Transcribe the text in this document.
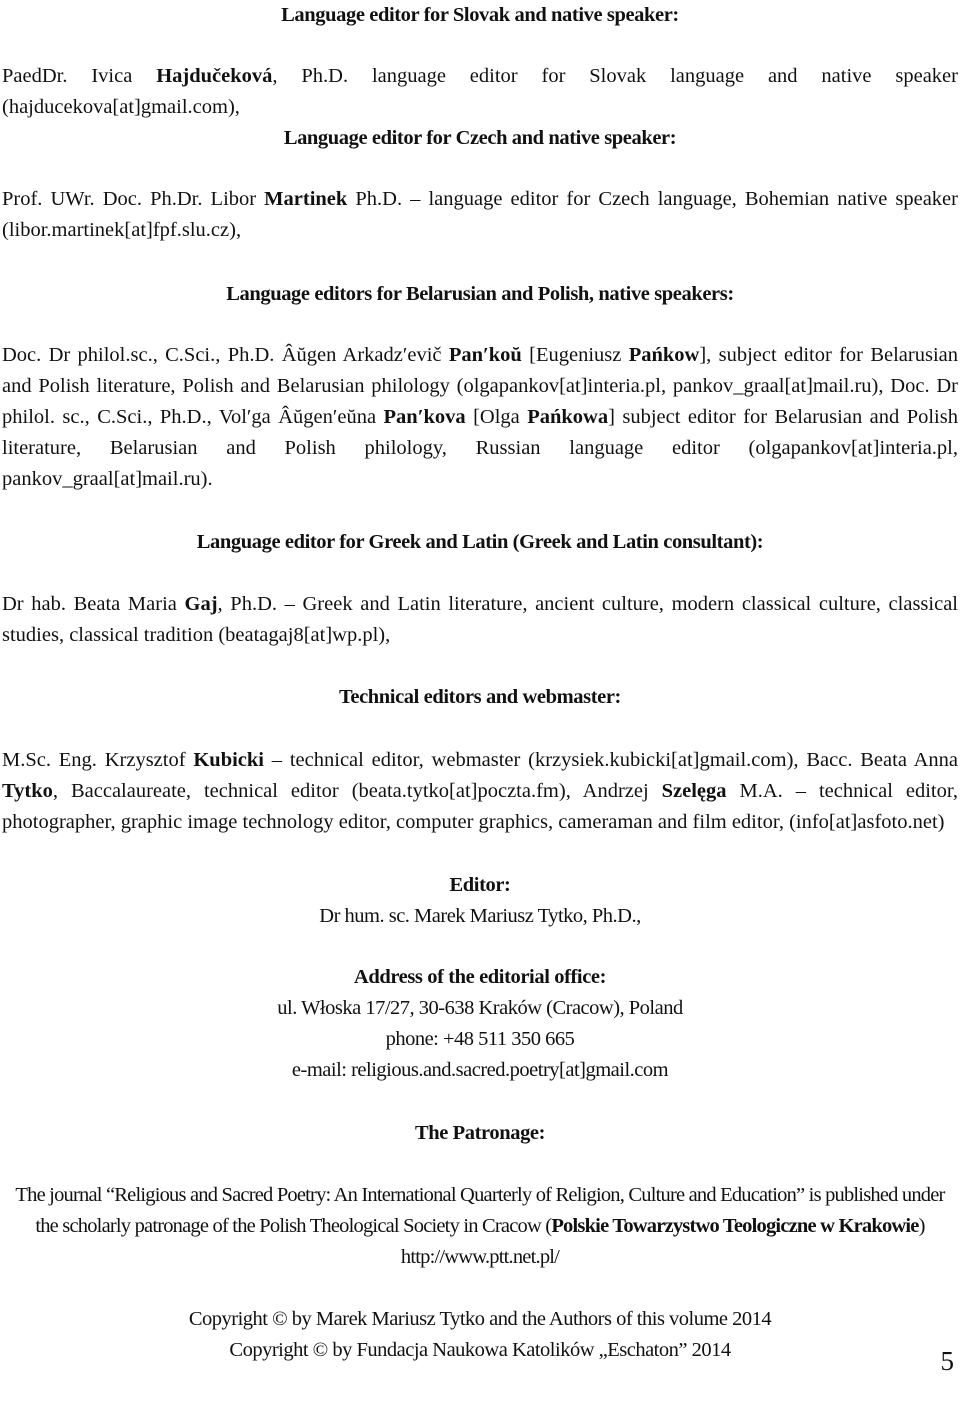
Language editor for Slovak and native speaker:
PaedDr. Ivica Hajdučeková, Ph.D. language editor for Slovak language and native speaker (hajducekova[at]gmail.com),
Language editor for Czech and native speaker:
Prof. UWr. Doc. Ph.Dr. Libor Martinek Ph.D. – language editor for Czech language, Bohemian native speaker (libor.martinek[at]fpf.slu.cz),
Language editors for Belarusian and Polish, native speakers:
Doc. Dr philol.sc., C.Sci., Ph.D. Âŭgen Arkadz′evič Pan′koŭ [Eugeniusz Pańkow], subject editor for Belarusian and Polish literature, Polish and Belarusian philology (olgapankov[at]interia.pl, pankov_graal[at]mail.ru), Doc. Dr philol. sc., C.Sci., Ph.D., Vol′ga Âŭgen′eŭna Pan′kova [Olga Pańkowa] subject editor for Belarusian and Polish literature, Belarusian and Polish philology, Russian language editor (olgapankov[at]interia.pl, pankov_graal[at]mail.ru).
Language editor for Greek and Latin (Greek and Latin consultant):
Dr hab. Beata Maria Gaj, Ph.D. – Greek and Latin literature, ancient culture, modern classical culture, classical studies, classical tradition (beatagaj8[at]wp.pl),
Technical editors and webmaster:
M.Sc. Eng. Krzysztof Kubicki – technical editor, webmaster (krzysiek.kubicki[at]gmail.com), Bacc. Beata Anna Tytko, Baccalaureate, technical editor (beata.tytko[at]poczta.fm), Andrzej Szelęga M.A. – technical editor, photographer, graphic image technology editor, computer graphics, cameraman and film editor, (info[at]asfoto.net)
Editor:
Dr hum. sc. Marek Mariusz Tytko, Ph.D.,
Address of the editorial office:
ul. Włoska 17/27, 30-638 Kraków (Cracow), Poland
phone: +48 511 350 665
e-mail: religious.and.sacred.poetry[at]gmail.com
The Patronage:
The journal “Religious and Sacred Poetry: An International Quarterly of Religion, Culture and Education” is published under the scholarly patronage of the Polish Theological Society in Cracow (Polskie Towarzystwo Teologiczne w Krakowie) http://www.ptt.net.pl/
Copyright © by Marek Mariusz Tytko and the Authors of this volume 2014
Copyright © by Fundacja Naukowa Katolików „Eschaton” 2014	5
